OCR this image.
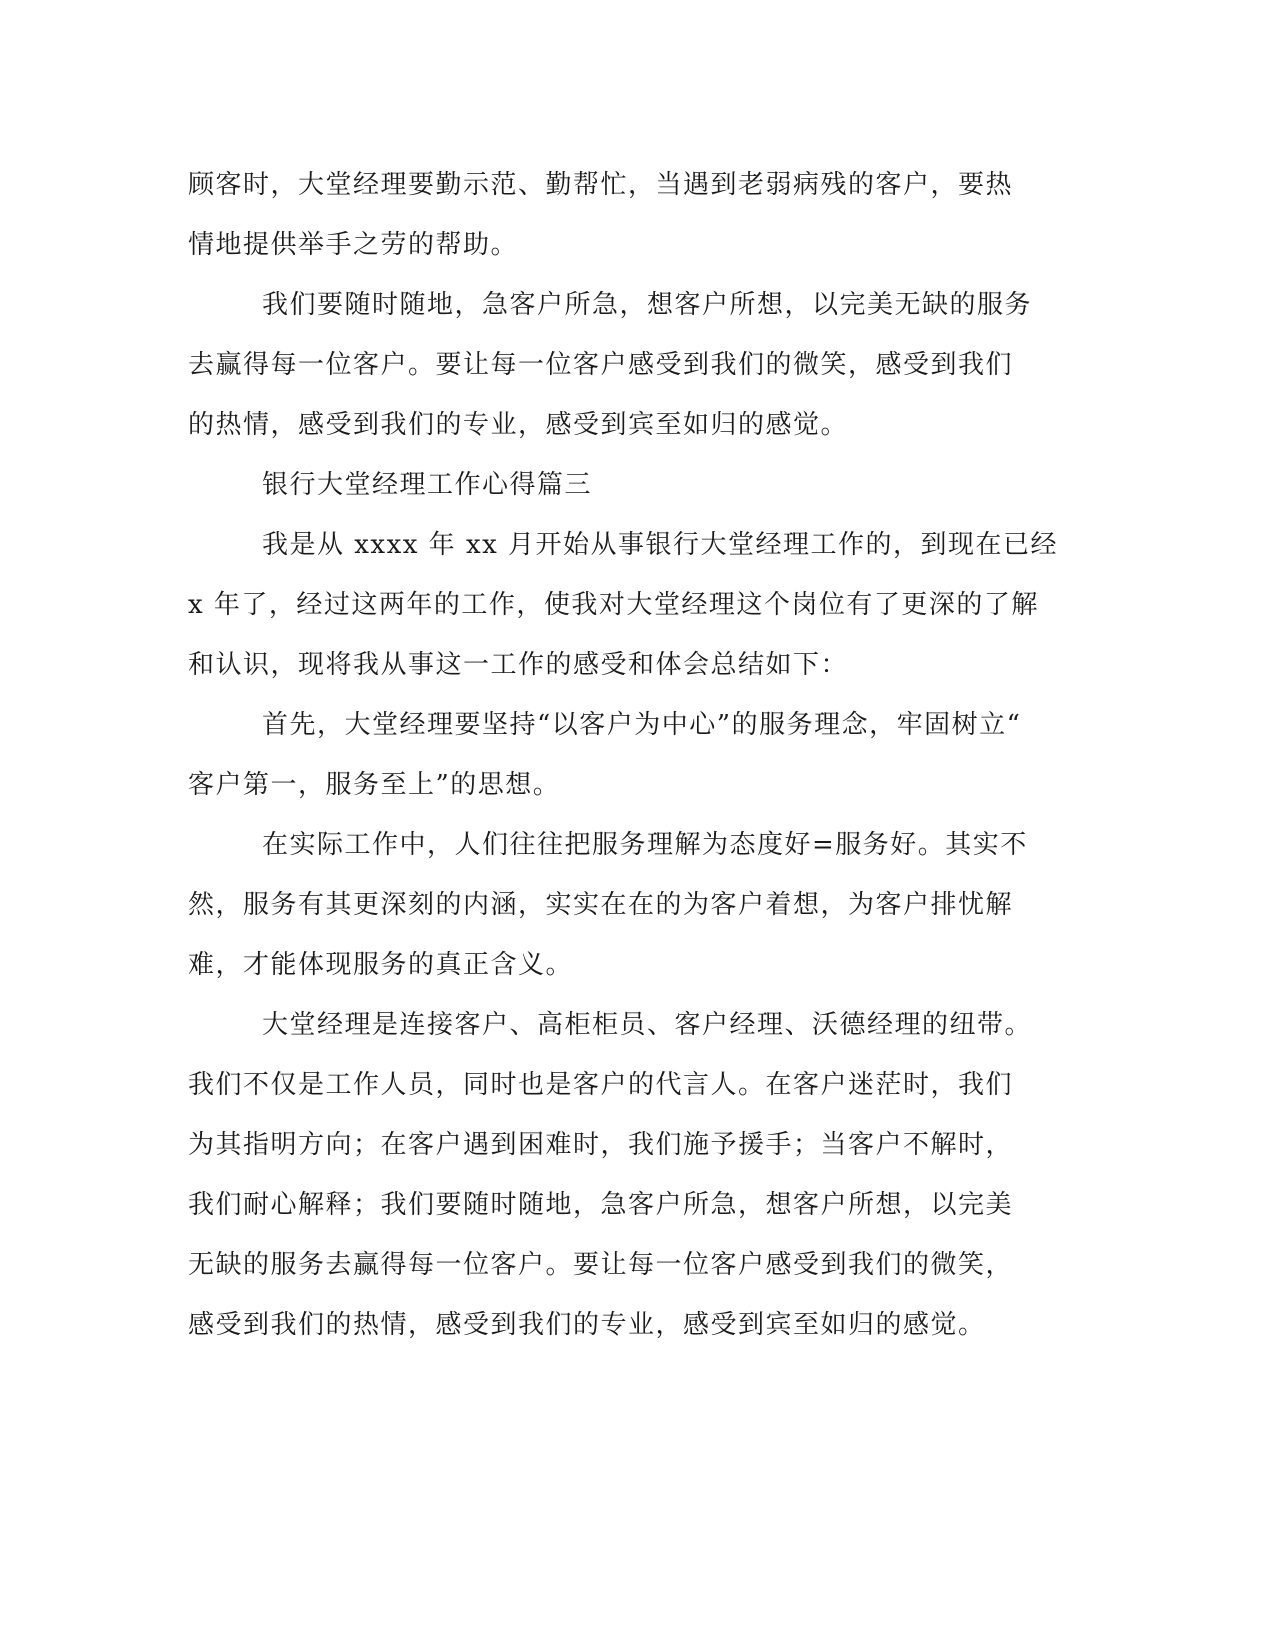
顾客时，大堂经理要勤示范、勤帮忙，当遇到老弱病残的客户，要热
情地提供举手之劳的帮助。
我们要随时随地，急客户所急，想客户所想，以完美无缺的服务
去赢得每一位客户。要让每一位客户感受到我们的微笑，感受到我们
的热情，感受到我们的专业，感受到宾至如归的感觉。
银行大堂经理工作心得篇三
我是从 xxxx 年 xx 月开始从事银行大堂经理工作的，到现在已经
x 年了，经过这两年的工作，使我对大堂经理这个岗位有了更深的了解
和认识，现将我从事这一工作的感受和体会总结如下：
首先，大堂经理要坚持“以客户为中心”的服务理念，牢固树立“
客户第一，服务至上”的思想。
在实际工作中，人们往往把服务理解为态度好=服务好。其实不
然，服务有其更深刻的内涵，实实在在的为客户着想，为客户排忧解
难，才能体现服务的真正含义。
大堂经理是连接客户、高柜柜员、客户经理、沃德经理的纽带。
我们不仅是工作人员，同时也是客户的代言人。在客户迷茫时，我们
为其指明方向；在客户遇到困难时，我们施予援手；当客户不解时，
我们耐心解释；我们要随时随地，急客户所急，想客户所想，以完美
无缺的服务去赢得每一位客户。要让每一位客户感受到我们的微笑，
感受到我们的热情，感受到我们的专业，感受到宾至如归的感觉。
